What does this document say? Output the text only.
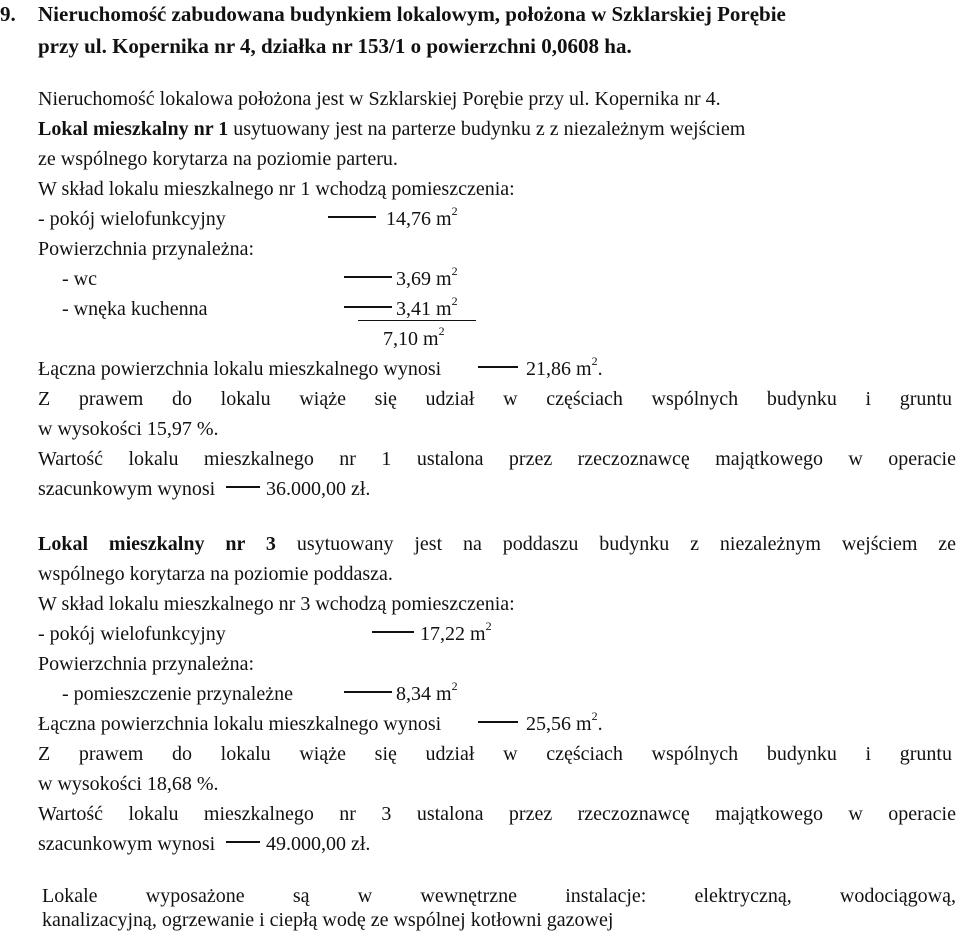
9. Nieruchomość zabudowana budynkiem lokalowym, położona w Szklarskiej Porębie
przy ul. Kopernika nr 4, działka nr 153/1 o powierzchni 0,0608 ha.
Nieruchomość lokalowa położona jest w Szklarskiej Porębie przy ul. Kopernika nr 4.
Lokal mieszkalny nr 1 usytuowany jest na parterze budynku z z niezależnym wejściem
ze wspólnego korytarza na poziomie parteru.
W skład lokalu mieszkalnego nr 1 wchodzą pomieszczenia:
- pokój wielofunkcyjny	14,76 $m^2$
Powierzchnia przynależna:
- wc	3,69 $m^2$
- wnęka kuchenna	3,41 $m^2$
7,10 $m^2$
Łączna powierzchnia lokalu mieszkalnego wynosi	21,86 $m^2$.
Z prawem do lokalu wiąże się udział w częściach wspólnych budynku i gruntu
w wysokości 15,97 %.
Wartość lokalu mieszkalnego nr 1 ustalona przez rzeczoznawcę majątkowego w operacie
szacunkowym wynosi	36.000,00 zł.
Lokal mieszkalny nr 3 usytuowany jest na poddaszu budynku z niezależnym wejściem ze
wspólnego korytarza na poziomie poddasza.
W skład lokalu mieszkalnego nr 3 wchodzą pomieszczenia:
- pokój wielofunkcyjny	17,22 $m^2$
Powierzchnia przynależna:
- pomieszczenie przynależne	8,34 $m^2$
Łączna powierzchnia lokalu mieszkalnego wynosi	25,56 $m^2$.
Z prawem do lokalu wiąże się udział w częściach wspólnych budynku i gruntu
w wysokości 18,68 %.
Wartość lokalu mieszkalnego nr 3 ustalona przez rzeczoznawcę majątkowego w operacie
szacunkowym wynosi	49.000,00 zł.
Lokale wyposażone są w wewnętrzne instalacje: elektryczną, wodociągową,
kanalizacyjną, ogrzewanie i ciepłą wodę ze wspólnej kotłowni gazowej
